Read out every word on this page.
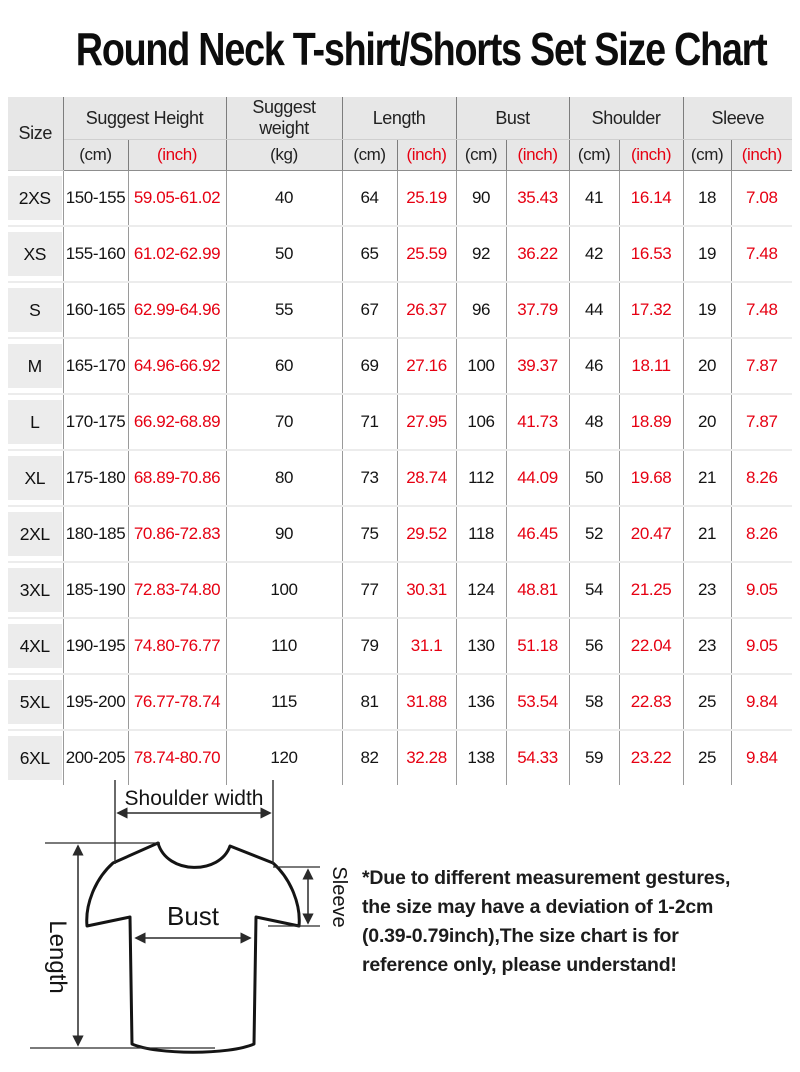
Round Neck T-shirt/Shorts Set Size Chart
Size	Suggest Height		Suggest weight	Length		Bust		Shoulder		Sleeve	
	(cm)	(inch)	(kg)	(cm)	(inch)	(cm)	(inch)	(cm)	(inch)	(cm)	(inch)

2XS	150-155	59.05-61.02	40	64	25.19	90	35.43	41	16.14	18	7.08

XS	155-160	61.02-62.99	50	65	25.59	92	36.22	42	16.53	19	7.48

S	160-165	62.99-64.96	55	67	26.37	96	37.79	44	17.32	19	7.48

M	165-170	64.96-66.92	60	69	27.16	100	39.37	46	18.11	20	7.87

L	170-175	66.92-68.89	70	71	27.95	106	41.73	48	18.89	20	7.87

XL	175-180	68.89-70.86	80	73	28.74	112	44.09	50	19.68	21	8.26

2XL	180-185	70.86-72.83	90	75	29.52	118	46.45	52	20.47	21	8.26

3XL	185-190	72.83-74.80	100	77	30.31	124	48.81	54	21.25	23	9.05

4XL	190-195	74.80-76.77	110	79	31.1	130	51.18	56	22.04	23	9.05

5XL	195-200	76.77-78.74	115	81	31.88	136	53.54	58	22.83	25	9.84

6XL	200-205	78.74-80.70	120	82	32.28	138	54.33	59	23.22	25	9.84
Shoulder width
Length
Bust	Sleeve *Due to different measurement gestures,
the size may have a deviation of 1-2cm
(0.39-0.79inch),The size chart is for
reference only, please understand!
